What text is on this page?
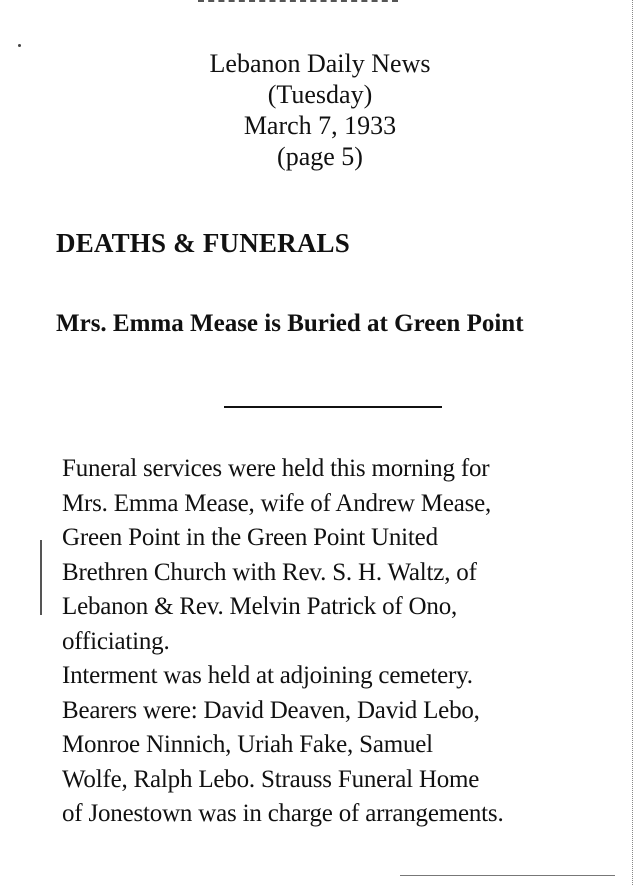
Lebanon Daily News
(Tuesday)
March 7, 1933
(page 5)
DEATHS & FUNERALS
Mrs. Emma Mease is Buried at Green Point
Funeral services were held this morning for
Mrs. Emma Mease, wife of Andrew Mease,
Green Point in the Green Point United
Brethren Church with Rev. S. H. Waltz, of
Lebanon & Rev. Melvin Patrick of Ono,
officiating.
Interment was held at adjoining cemetery.
Bearers were: David Deaven, David Lebo,
Monroe Ninnich, Uriah Fake, Samuel
Wolfe, Ralph Lebo. Strauss Funeral Home
of Jonestown was in charge of arrangements.
